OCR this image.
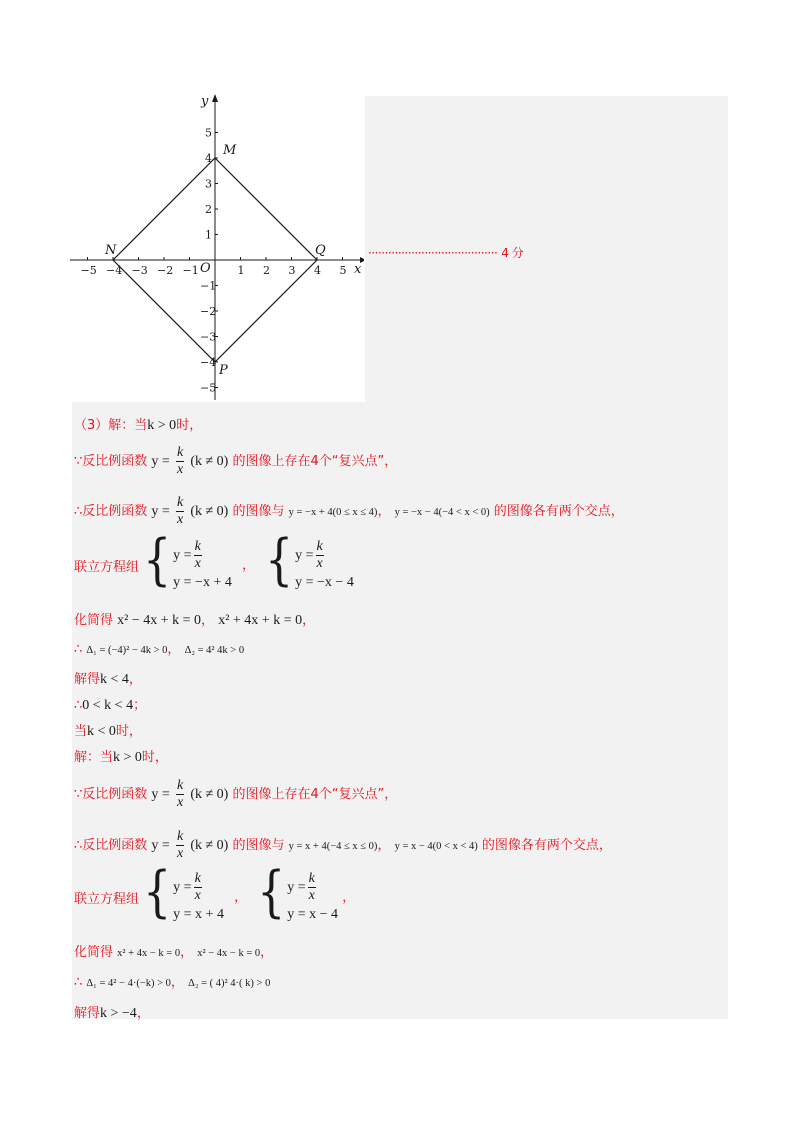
x
y
O
−5 −4 −3 −2 −1	1 2 3 4 5
5
4
3
2
1
−1
−2
−3
−4
−5
M
N	Q
P
······································· 4 分
（3）解：当k > 0时，
∵反比例函数 $y = \frac{k}{x} (k \ne 0)$ 的图像上存在4个“复兴点”，
∴反比例函数 $y = \frac{k}{x} (k \ne 0)$ 的图像与 y = −x + 4(0 ≤ x ≤ 4)， y = −x − 4(−4 < x < 0) 的图像各有两个交点，
联立方程组 { $y = \frac{k}{x}$
y = −x + 4
， { $y = \frac{k}{x}$
y = −x − 4
化简得 x² − 4x + k = 0， x² + 4x + k = 0，
∴ Δ₁ = (−4)² − 4k > 0， Δ₂ = 4² 4k > 0
解得k < 4，
∴0 < k < 4；
当k < 0时，
解：当k > 0时，
∵反比例函数 $y = \frac{k}{x} (k \ne 0)$ 的图像上存在4个“复兴点”，
∴反比例函数 $y = \frac{k}{x} (k \ne 0)$ 的图像与 y = x + 4(−4 ≤ x ≤ 0)， y = x − 4(0 < x < 4) 的图像各有两个交点，
联立方程组 { $y = \frac{k}{x}$
y = x + 4
， { $y = \frac{k}{x}$
y = x − 4
，
化简得 x² + 4x − k = 0， x² − 4x − k = 0，
∴ Δ₁ = 4² − 4·(−k) > 0， Δ₂ = ( 4)² 4·( k) > 0
解得k > −4，
